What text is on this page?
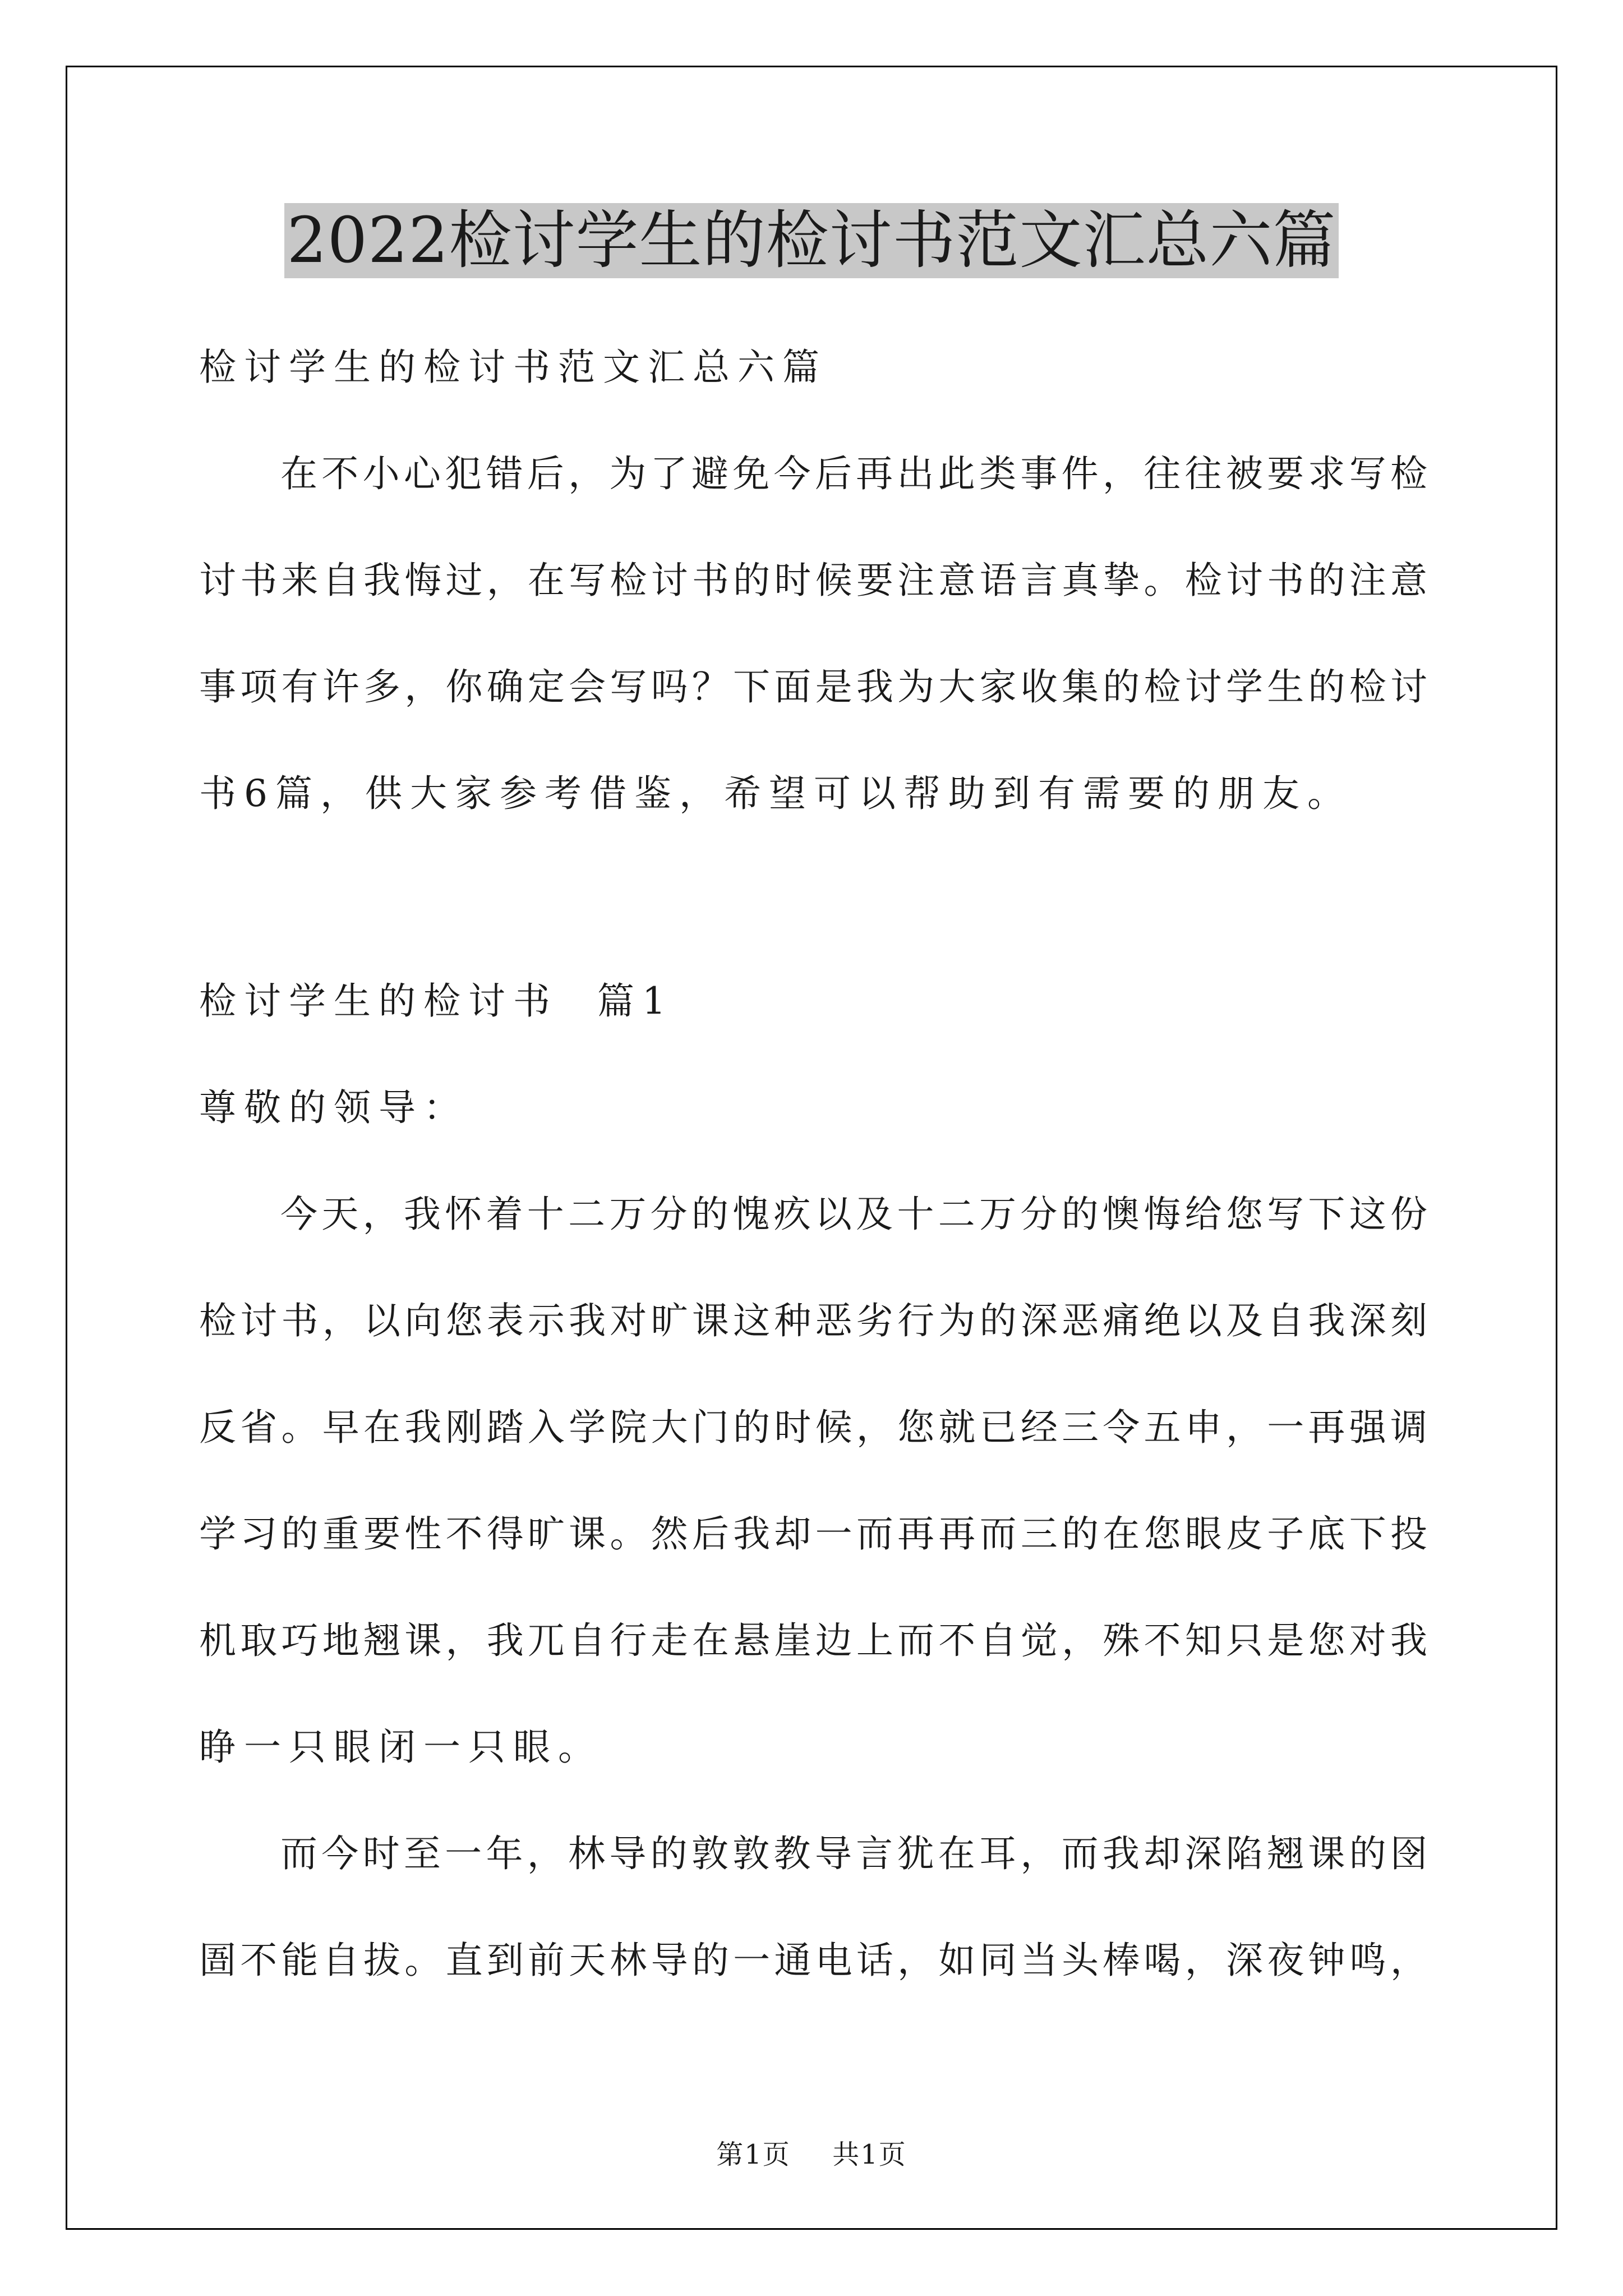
2022检讨学生的检讨书范文汇总六篇
检讨学生的检讨书范文汇总六篇
在不小心犯错后，为了避免今后再出此类事件，往往被要求写检
讨书来自我悔过，在写检讨书的时候要注意语言真挚。检讨书的注意
事项有许多，你确定会写吗？下面是我为大家收集的检讨学生的检讨
书6篇，供大家参考借鉴，希望可以帮助到有需要的朋友。
检讨学生的检讨书  篇1
尊敬的领导：
今天，我怀着十二万分的愧疚以及十二万分的懊悔给您写下这份
检讨书，以向您表示我对旷课这种恶劣行为的深恶痛绝以及自我深刻
反省。早在我刚踏入学院大门的时候，您就已经三令五申，一再强调
学习的重要性不得旷课。然后我却一而再再而三的在您眼皮子底下投
机取巧地翘课，我兀自行走在悬崖边上而不自觉，殊不知只是您对我
睁一只眼闭一只眼。
而今时至一年，林导的敦敦教导言犹在耳，而我却深陷翘课的囹
圄不能自拔。直到前天林导的一通电话，如同当头棒喝，深夜钟鸣，
第1页  共1页
